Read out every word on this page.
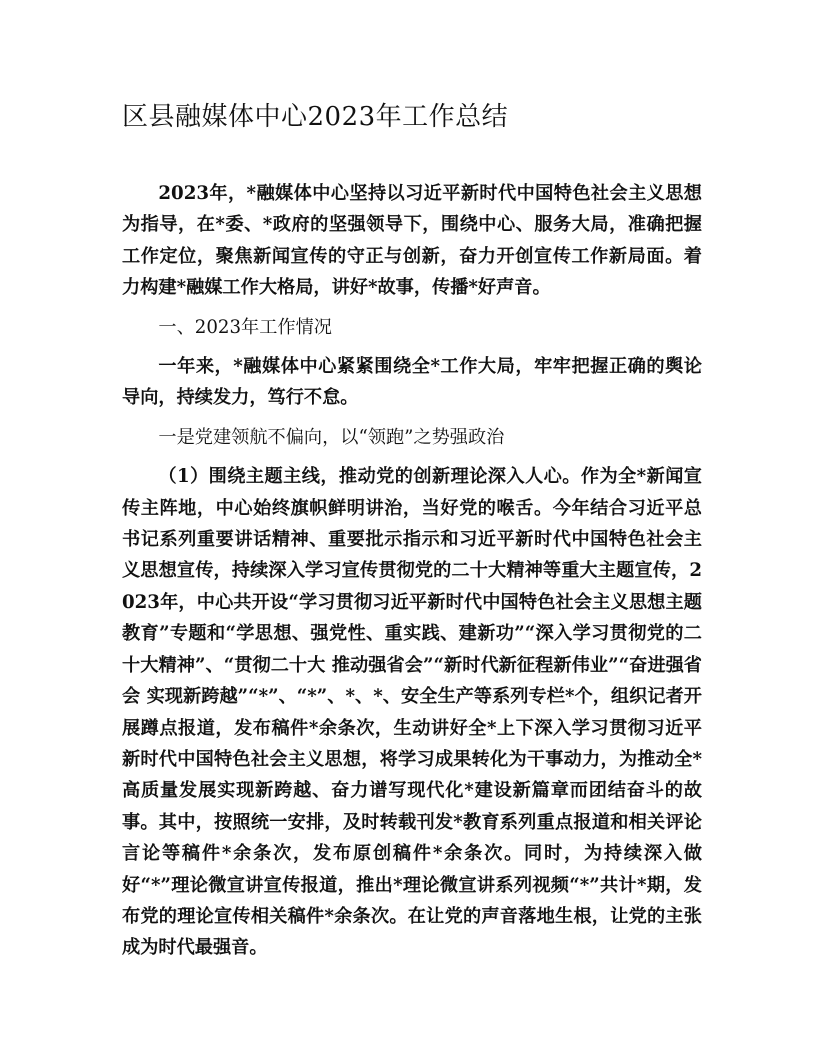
区县融媒体中心2023年工作总结

2023年，*融媒体中心坚持以习近平新时代中国特色社会主义思想为指导，在*委、*政府的坚强领导下，围绕中心、服务大局，准确把握工作定位，聚焦新闻宣传的守正与创新，奋力开创宣传工作新局面。着力构建*融媒工作大格局，讲好*故事，传播*好声音。

一、2023年工作情况

一年来，*融媒体中心紧紧围绕全*工作大局，牢牢把握正确的舆论导向，持续发力，笃行不怠。

一是党建领航不偏向，以“领跑”之势强政治

（1）围绕主题主线，推动党的创新理论深入人心。作为全*新闻宣传主阵地，中心始终旗帜鲜明讲治，当好党的喉舌。今年结合习近平总书记系列重要讲话精神、重要批示指示和习近平新时代中国特色社会主义思想宣传，持续深入学习宣传贯彻党的二十大精神等重大主题宣传，2023年，中心共开设“学习贯彻习近平新时代中国特色社会主义思想主题教育”专题和“学思想、强党性、重实践、建新功”“深入学习贯彻党的二十大精神”、“贯彻二十大 推动强省会”“新时代新征程新伟业”“奋进强省会 实现新跨越”“*”、“*”、*、*、安全生产等系列专栏*个，组织记者开展蹲点报道，发布稿件*余条次，生动讲好全*上下深入学习贯彻习近平新时代中国特色社会主义思想，将学习成果转化为干事动力，为推动全*高质量发展实现新跨越、奋力谱写现代化*建设新篇章而团结奋斗的故事。其中，按照统一安排，及时转载刊发*教育系列重点报道和相关评论言论等稿件*余条次，发布原创稿件*余条次。同时，为持续深入做好“*”理论微宣讲宣传报道，推出*理论微宣讲系列视频“*”共计*期，发布党的理论宣传相关稿件*余条次。在让党的声音落地生根，让党的主张成为时代最强音。
